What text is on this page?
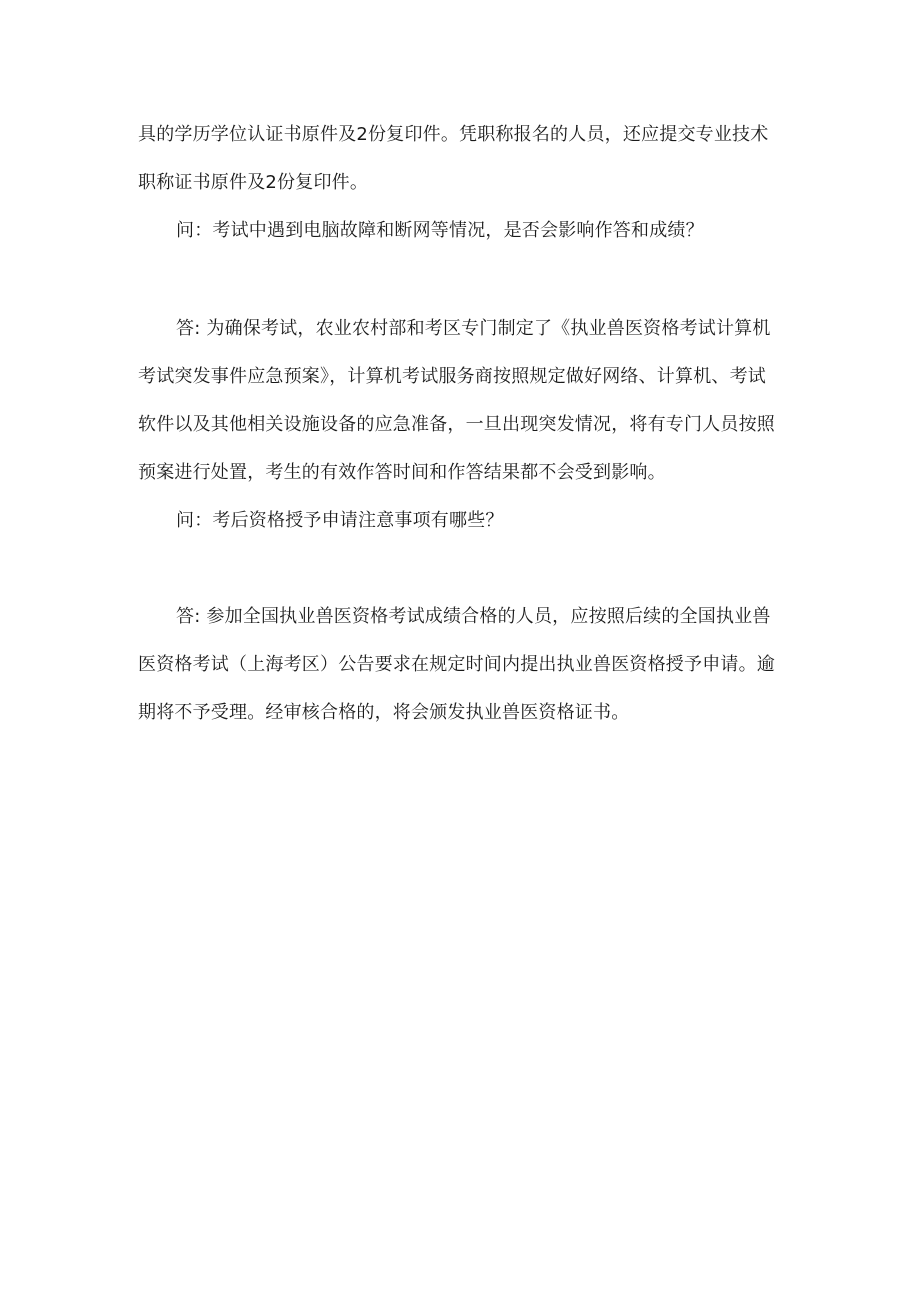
具的学历学位认证书原件及2份复印件。凭职称报名的人员，还应提交专业技术

职称证书原件及2份复印件。

问：考试中遇到电脑故障和断网等情况，是否会影响作答和成绩？

答: 为确保考试，农业农村部和考区专门制定了《执业兽医资格考试计算机

考试突发事件应急预案》，计算机考试服务商按照规定做好网络、计算机、考试

软件以及其他相关设施设备的应急准备，一旦出现突发情况，将有专门人员按照

预案进行处置，考生的有效作答时间和作答结果都不会受到影响。

问：考后资格授予申请注意事项有哪些？

答: 参加全国执业兽医资格考试成绩合格的人员，应按照后续的全国执业兽

医资格考试（上海考区）公告要求在规定时间内提出执业兽医资格授予申请。逾

期将不予受理。经审核合格的，将会颁发执业兽医资格证书。
